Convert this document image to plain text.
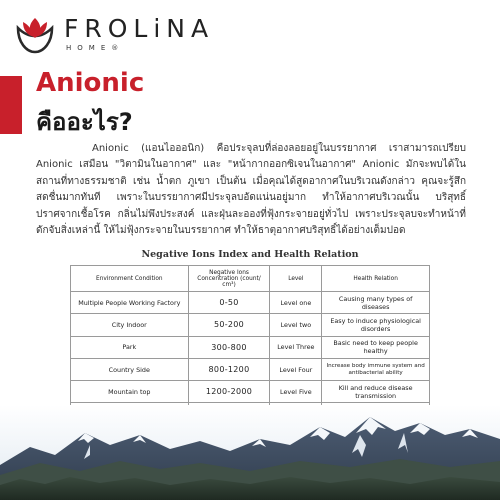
FROLiNA
HOME®
Anionic
คืออะไร?
Anionic (แอนไอออนิก) คือประจุลบที่ล่องลอยอยู่ในบรรยากาศ เราสามารถเปรียบ Anionic เสมือน "วิตามินในอากาศ" และ "หน้ากากออกซิเจนในอากาศ" Anionic มักจะพบได้ในสถานที่ทางธรรมชาติ เช่น น้ำตก ภูเขา เป็นต้น เมื่อคุณได้สูดอากาศในบริเวณดังกล่าว คุณจะรู้สึกสดชื่นมากทันที เพราะในบรรยากาศมีประจุลบอัดแน่นอยู่มาก ทำให้อากาศบริเวณนั้น บริสุทธิ์ ปราศจากเชื้อโรค กลิ่นไม่พึงประสงค์ และฝุ่นละอองที่ฟุ้งกระจายอยู่ทั่วไป เพราะประจุลบจะทำหน้าที่ดักจับสิ่งเหล่านี้ ให้ไม่ฟุ้งกระจายในบรรยากาศ ทำให้ธาตุอากาศบริสุทธิ์ได้อย่างเต็มปอด
Negative Ions Index and Health Relation
Environment Condition	Negative Ions Concentration (count/ cm³)	Level	Health Relation
Multiple People Working Factory	0-50	Level one	Causing many types of diseases
City Indoor	50-200	Level two	Easy to induce physiological disorders
Park	300-800	Level Three	Basic need to keep people healthy
Country Side	800-1200	Level Four	Increase body immune system and antibacterial ability
Mountain top	1200-2000	Level Five	Kill and reduce disease transmission
